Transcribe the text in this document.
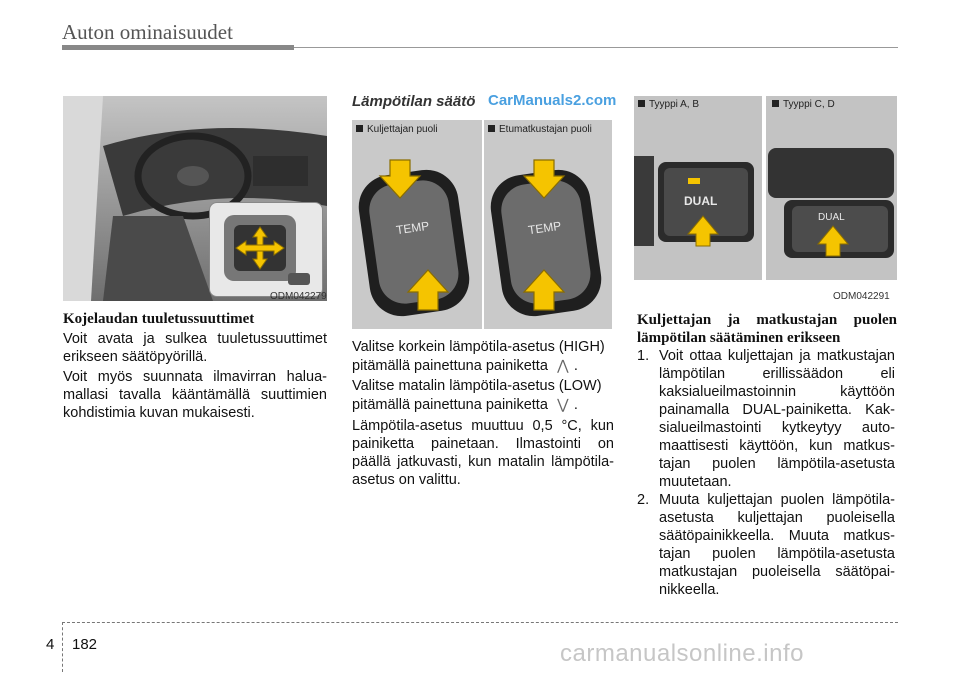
Auton ominaisuudet
ODM042279
Kojelaudan tuuletussuuttimet
Voit avata ja sulkea tuuletussuuttimet erikseen säätöpyörillä.
Voit myös suunnata ilmavirran haluamallasi tavalla kääntämällä suuttimien kohdistimia kuvan mukaisesti.
Lämpötilan säätö CarManuals2.com
Kuljettajan puoli	Etumatkustajan puoli
TEMP	TEMP
Valitse korkein lämpötila-asetus (HIGH) pitämällä painettuna painiketta ⋀ .
Valitse matalin lämpötila-asetus (LOW) pitämällä painettuna painiketta ⋁ .
Lämpötila-asetus muuttuu 0,5 °C, kun painiketta painetaan. Ilmastointi on päällä jatkuvasti, kun matalin lämpötila-asetus on valittu.
Tyyppi A, B	Tyyppi C, D
DUAL
DUAL
ODM042291
Kuljettajan ja matkustajan puolen
lämpötilan säätäminen erikseen
1. Voit ottaa kuljettajan ja matkustajan lämpötilan erillissäädon eli kaksialueilmastoinnin käyttöön painamalla DUAL-painiketta. Kaksialueilmastointi kytkeytyy automaattisesti käyttöön, kun matkustajan puolen lämpötila-asetusta muutetaan.
2. Muuta kuljettajan puolen lämpötila-asetusta kuljettajan puoleisella säätöpainikkeella. Muuta matkustajan puolen lämpötila-asetusta matkustajan puoleisella säätöpainikkeella.
4 182	carmanualsonline.info
